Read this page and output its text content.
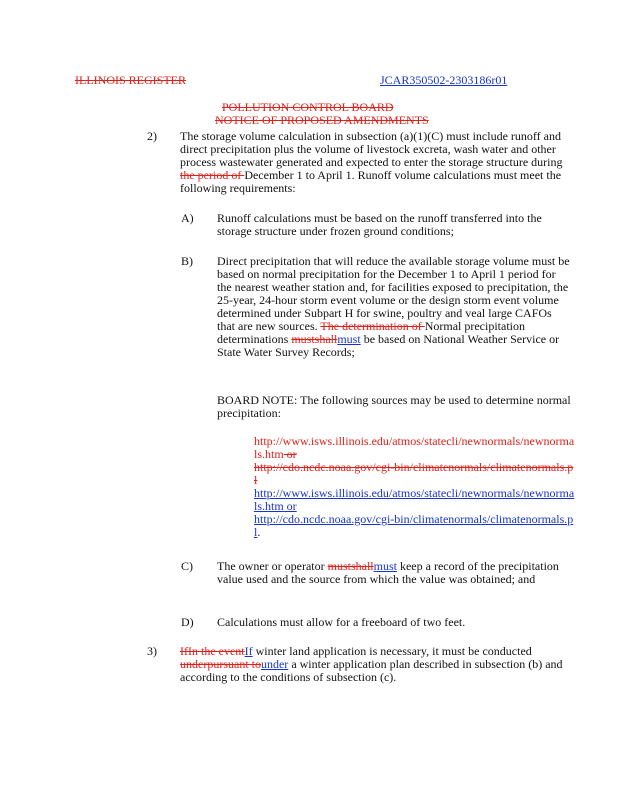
ILLINOIS REGISTER	JCAR350502-2303186r01
POLLUTION CONTROL BOARD
NOTICE OF PROPOSED AMENDMENTS
2) The storage volume calculation in subsection (a)(1)(C) must include runoff and direct precipitation plus the volume of livestock excreta, wash water and other process wastewater generated and expected to enter the storage structure during the period of December 1 to April 1. Runoff volume calculations must meet the following requirements:
A) Runoff calculations must be based on the runoff transferred into the storage structure under frozen ground conditions;
B) Direct precipitation that will reduce the available storage volume must be based on normal precipitation for the December 1 to April 1 period for the nearest weather station and, for facilities exposed to precipitation, the 25-year, 24-hour storm event volume or the design storm event volume determined under Subpart H for swine, poultry and veal large CAFOs that are new sources. The determination of Normal precipitation determinations mustshallmust be based on National Weather Service or State Water Survey Records;
BOARD NOTE: The following sources may be used to determine normal precipitation:

http://www.isws.illinois.edu/atmos/statecli/newnormals/newnormals.htm or

http://cdo.ncdc.noaa.gov/cgi-bin/climatenormals/climatenormals.pl

http://www.isws.illinois.edu/atmos/statecli/newnormals/newnormals.htm or

http://cdo.ncdc.noaa.gov/cgi-bin/climatenormals/climatenormals.pl.

C) The owner or operator mustshallmust keep a record of the precipitation value used and the source from which the value was obtained; and
D) Calculations must allow for a freeboard of two feet.
3) IfIn the eventIf winter land application is necessary, it must be conducted underpursuant tounder a winter application plan described in subsection (b) and according to the conditions of subsection (c).
